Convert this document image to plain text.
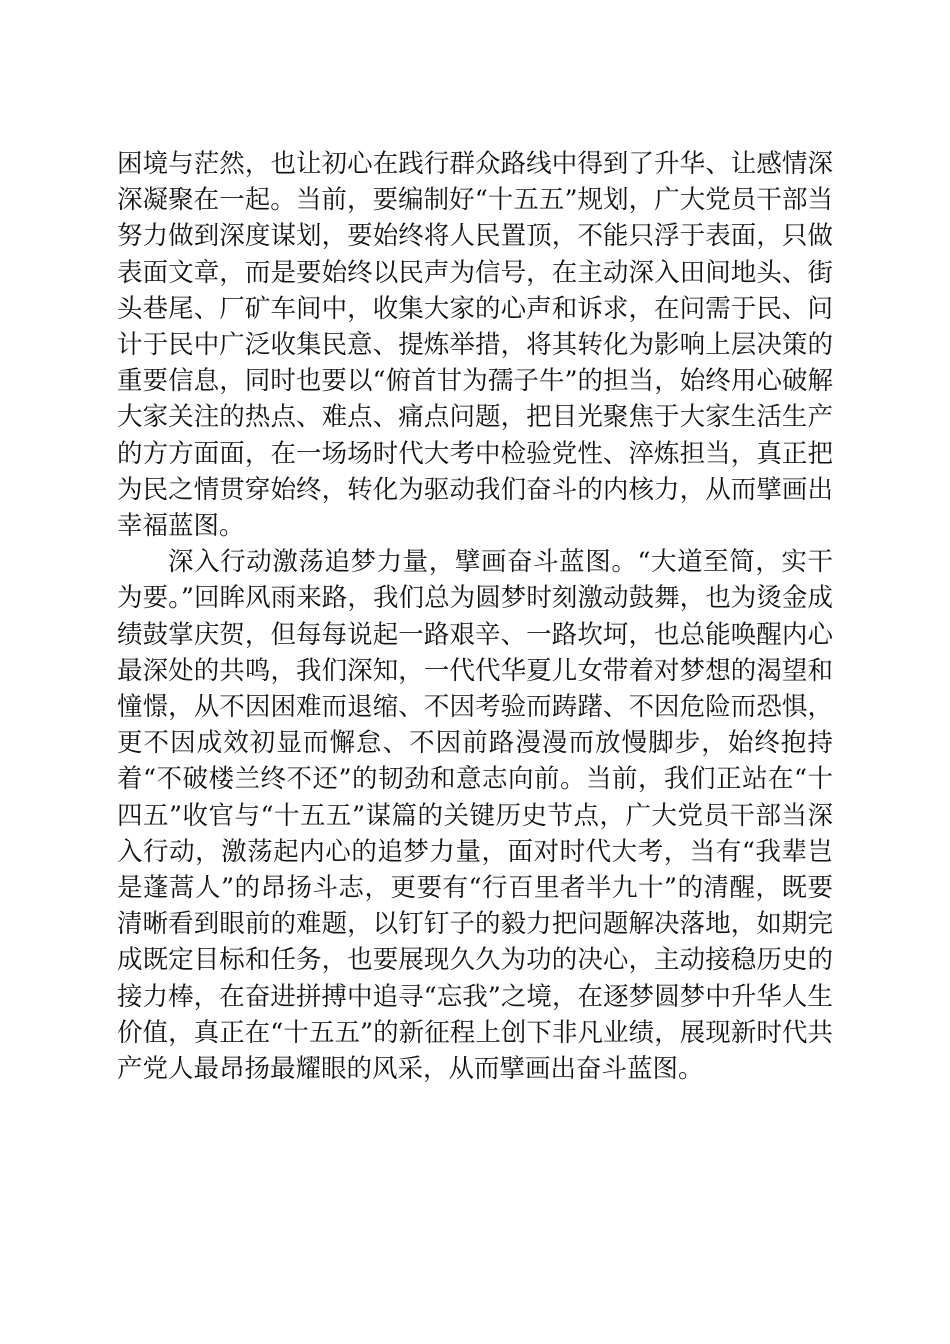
困境与茫然，也让初心在践行群众路线中得到了升华、让感情深深凝聚在一起。当前，要编制好“十五五”规划，广大党员干部当努力做到深度谋划，要始终将人民置顶，不能只浮于表面，只做表面文章，而是要始终以民声为信号，在主动深入田间地头、街头巷尾、厂矿车间中，收集大家的心声和诉求，在问需于民、问计于民中广泛收集民意、提炼举措，将其转化为影响上层决策的重要信息，同时也要以“俯首甘为孺子牛”的担当，始终用心破解大家关注的热点、难点、痛点问题，把目光聚焦于大家生活生产的方方面面，在一场场时代大考中检验党性、淬炼担当，真正把为民之情贯穿始终，转化为驱动我们奋斗的内核力，从而擘画出幸福蓝图。

深入行动激荡追梦力量，擘画奋斗蓝图。“大道至简，实干为要。”回眸风雨来路，我们总为圆梦时刻激动鼓舞，也为烫金成绩鼓掌庆贺，但每每说起一路艰辛、一路坎坷，也总能唤醒内心最深处的共鸣，我们深知，一代代华夏儿女带着对梦想的渴望和憧憬，从不因困难而退缩、不因考验而踌躇、不因危险而恐惧，更不因成效初显而懈怠、不因前路漫漫而放慢脚步，始终抱持着“不破楼兰终不还”的韧劲和意志向前。当前，我们正站在“十四五”收官与“十五五”谋篇的关键历史节点，广大党员干部当深入行动，激荡起内心的追梦力量，面对时代大考，当有“我辈岂是蓬蒿人”的昂扬斗志，更要有“行百里者半九十”的清醒，既要清晰看到眼前的难题，以钉钉子的毅力把问题解决落地，如期完成既定目标和任务，也要展现久久为功的决心，主动接稳历史的接力棒，在奋进拼搏中追寻“忘我”之境，在逐梦圆梦中升华人生价值，真正在“十五五”的新征程上创下非凡业绩，展现新时代共产党人最昂扬最耀眼的风采，从而擘画出奋斗蓝图。
